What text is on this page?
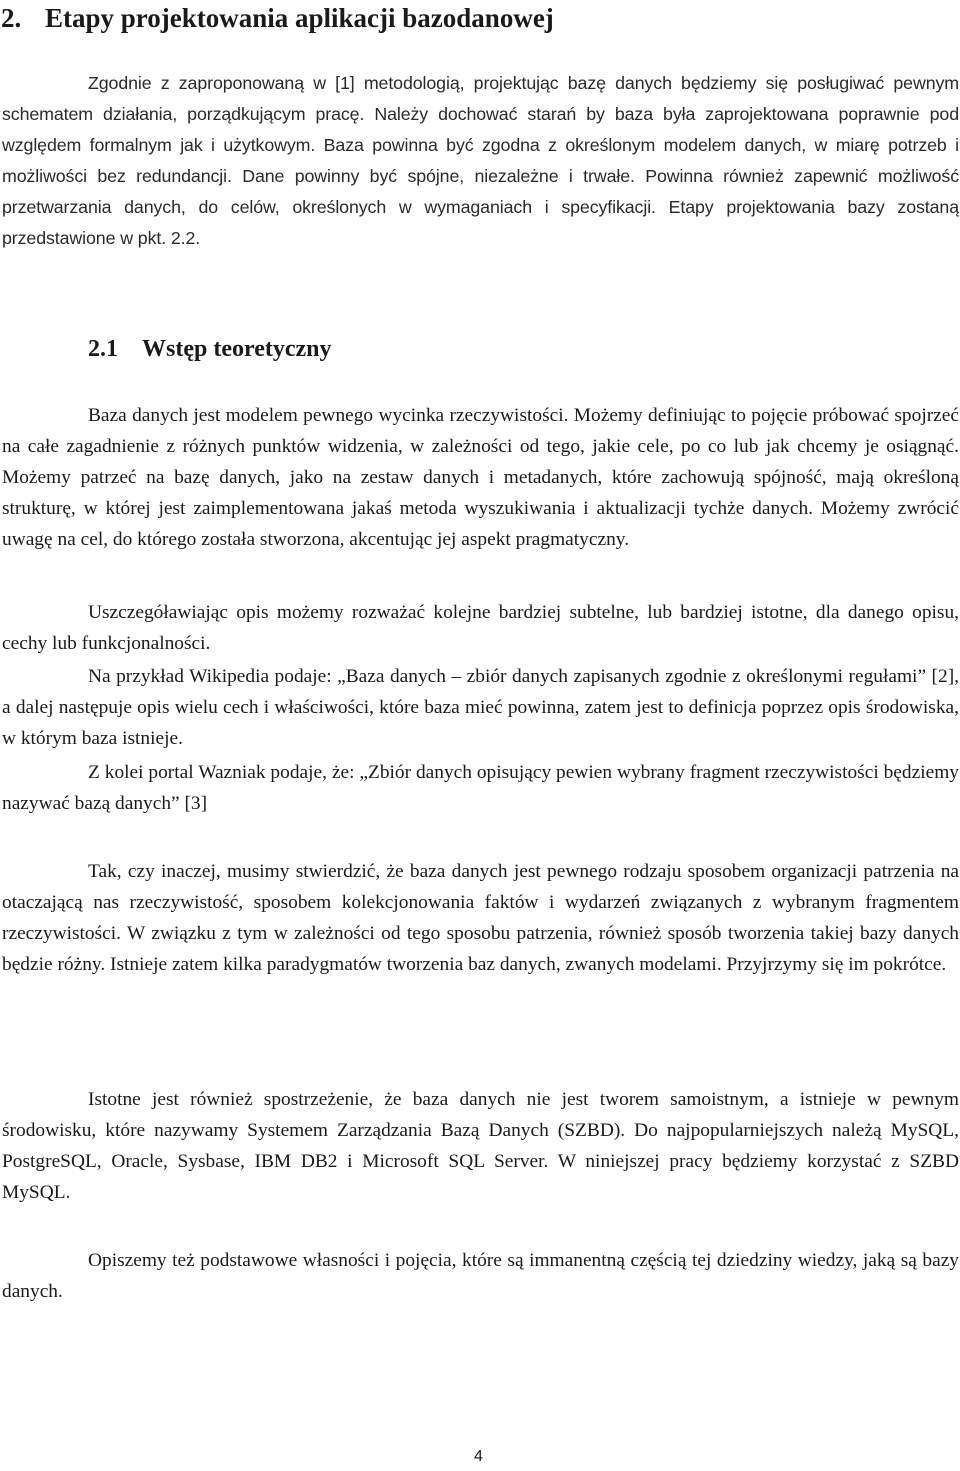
2. Etapy projektowania aplikacji bazodanowej

Zgodnie z zaproponowaną w [1] metodologią, projektując bazę danych będziemy się posługiwać pewnym schematem działania, porządkującym pracę. Należy dochować starań by baza była zaprojektowana poprawnie pod względem formalnym jak i użytkowym. Baza powinna być zgodna z określonym modelem danych, w miarę potrzeb i możliwości bez redundancji. Dane powinny być spójne, niezależne i trwałe. Powinna również zapewnić możliwość przetwarzania danych, do celów, określonych w wymaganiach i specyfikacji. Etapy projektowania bazy zostaną przedstawione w pkt. 2.2.

2.1 Wstęp teoretyczny

Baza danych jest modelem pewnego wycinka rzeczywistości. Możemy definiując to pojęcie próbować spojrzeć na całe zagadnienie z różnych punktów widzenia, w zależności od tego, jakie cele, po co lub jak chcemy je osiągnąć. Możemy patrzeć na bazę danych, jako na zestaw danych i metadanych, które zachowują spójność, mają określoną strukturę, w której jest zaimplementowana jakaś metoda wyszukiwania i aktualizacji tychże danych. Możemy zwrócić uwagę na cel, do którego została stworzona, akcentując jej aspekt pragmatyczny.

Uszczegóławiając opis możemy rozważać kolejne bardziej subtelne, lub bardziej istotne, dla danego opisu, cechy lub funkcjonalności.

Na przykład Wikipedia podaje: „Baza danych – zbiór danych zapisanych zgodnie z określonymi regułami” [2], a dalej następuje opis wielu cech i właściwości, które baza mieć powinna, zatem jest to definicja poprzez opis środowiska, w którym baza istnieje.

Z kolei portal Wazniak podaje, że: „Zbiór danych opisujący pewien wybrany fragment rzeczywistości będziemy nazywać bazą danych” [3]

Tak, czy inaczej, musimy stwierdzić, że baza danych jest pewnego rodzaju sposobem organizacji patrzenia na otaczającą nas rzeczywistość, sposobem kolekcjonowania faktów i wydarzeń związanych z wybranym fragmentem rzeczywistości. W związku z tym w zależności od tego sposobu patrzenia, również sposób tworzenia takiej bazy danych będzie różny. Istnieje zatem kilka paradygmatów tworzenia baz danych, zwanych modelami. Przyjrzymy się im pokrótce.

Istotne jest również spostrzeżenie, że baza danych nie jest tworem samoistnym, a istnieje w pewnym środowisku, które nazywamy Systemem Zarządzania Bazą Danych (SZBD). Do najpopularniejszych należą MySQL, PostgreSQL, Oracle, Sysbase, IBM DB2 i Microsoft SQL Server. W niniejszej pracy będziemy korzystać z SZBD MySQL.

Opiszemy też podstawowe własności i pojęcia, które są immanentną częścią tej dziedziny wiedzy, jaką są bazy danych.

4
